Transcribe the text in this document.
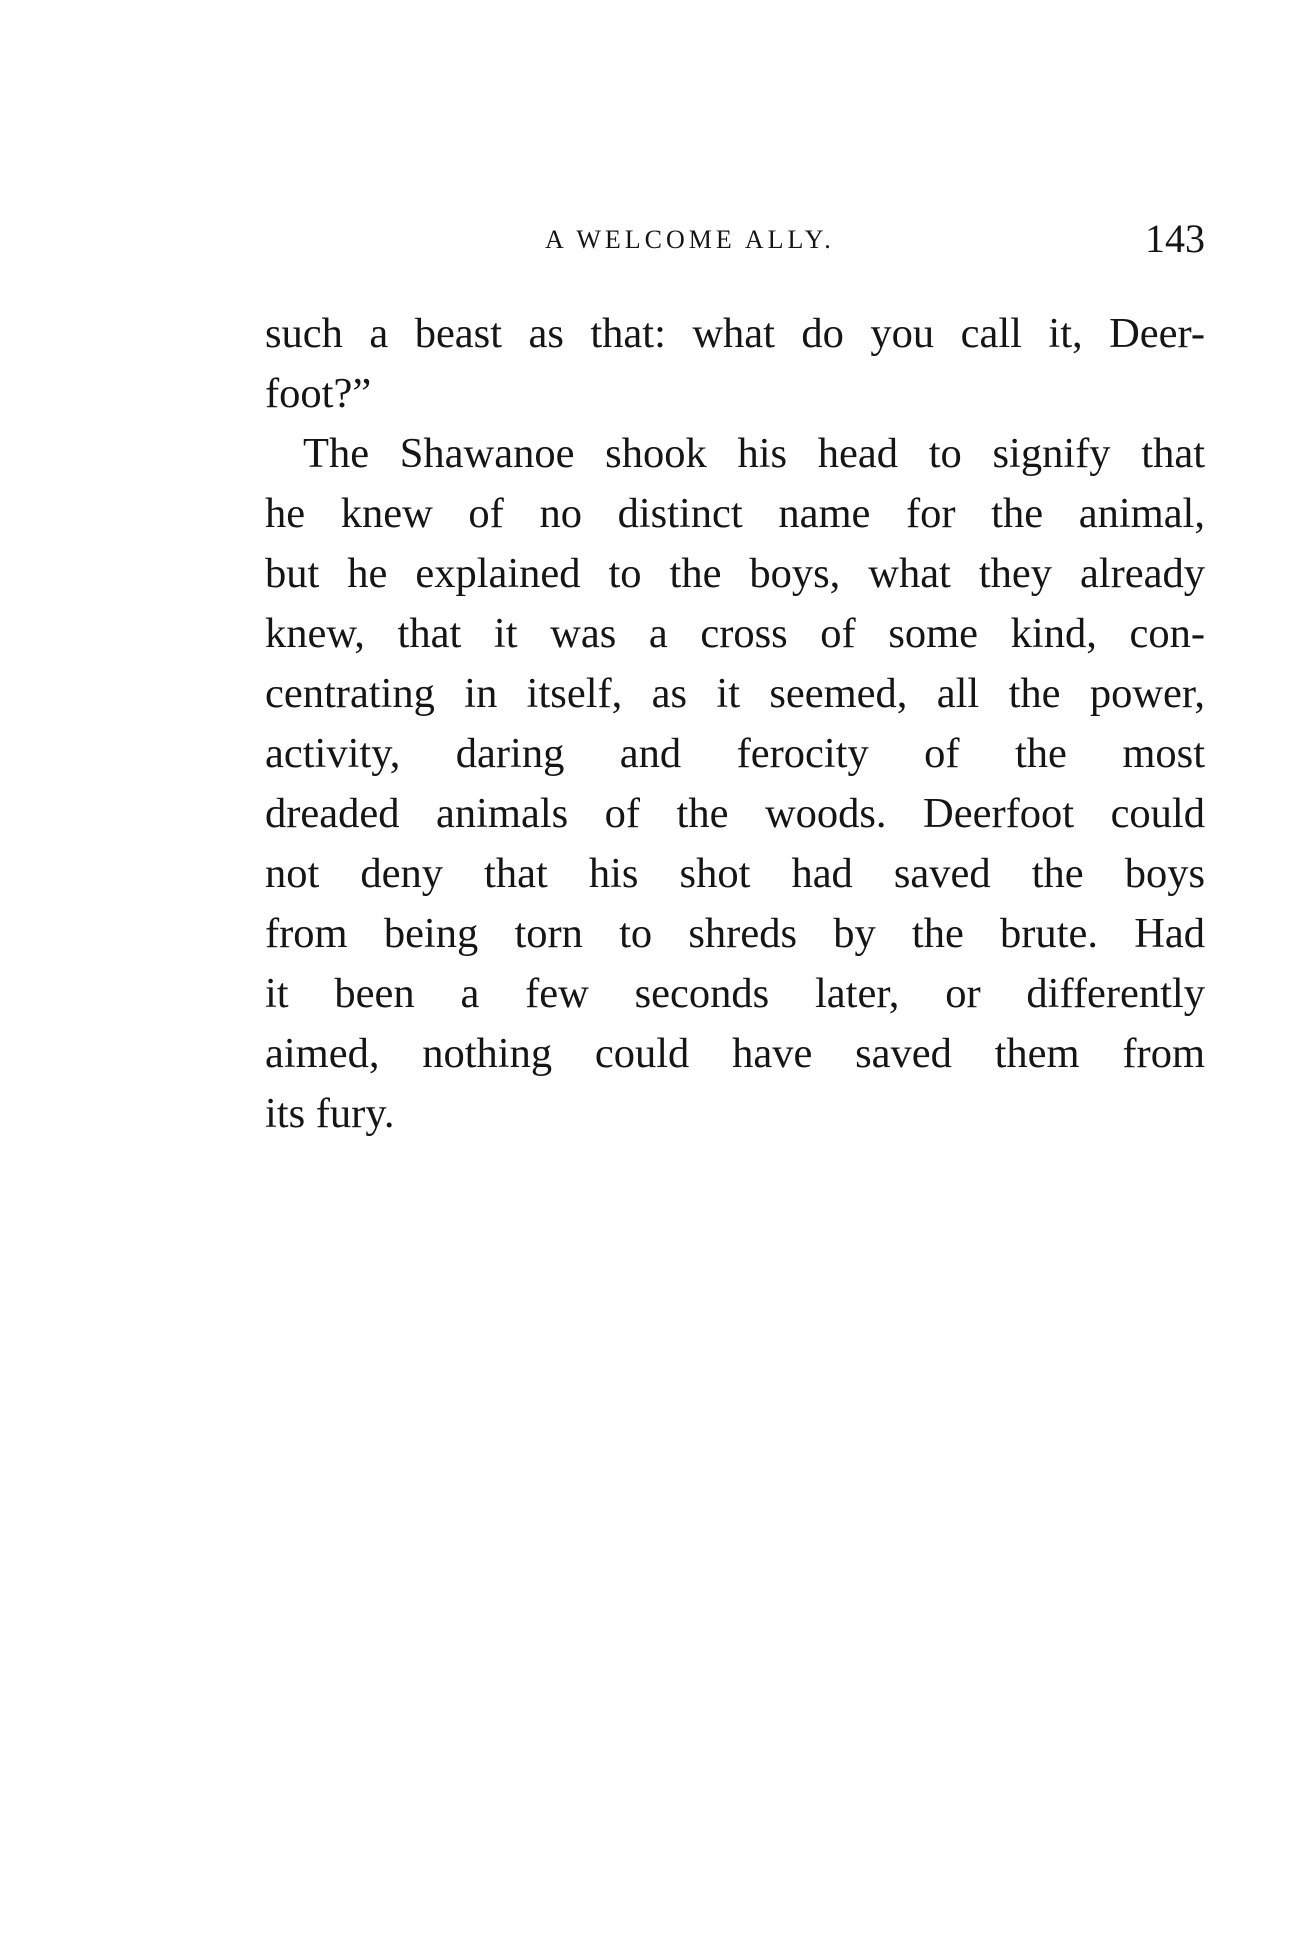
A WELCOME ALLY.	143
such a beast as that: what do you call it, Deer-
foot?”
The Shawanoe shook his head to signify that
he knew of no distinct name for the animal,
but he explained to the boys, what they already
knew, that it was a cross of some kind, con-
centrating in itself, as it seemed, all the power,
activity, daring and ferocity of the most
dreaded animals of the woods. Deerfoot could
not deny that his shot had saved the boys
from being torn to shreds by the brute. Had
it been a few seconds later, or differently
aimed, nothing could have saved them from
its fury.
